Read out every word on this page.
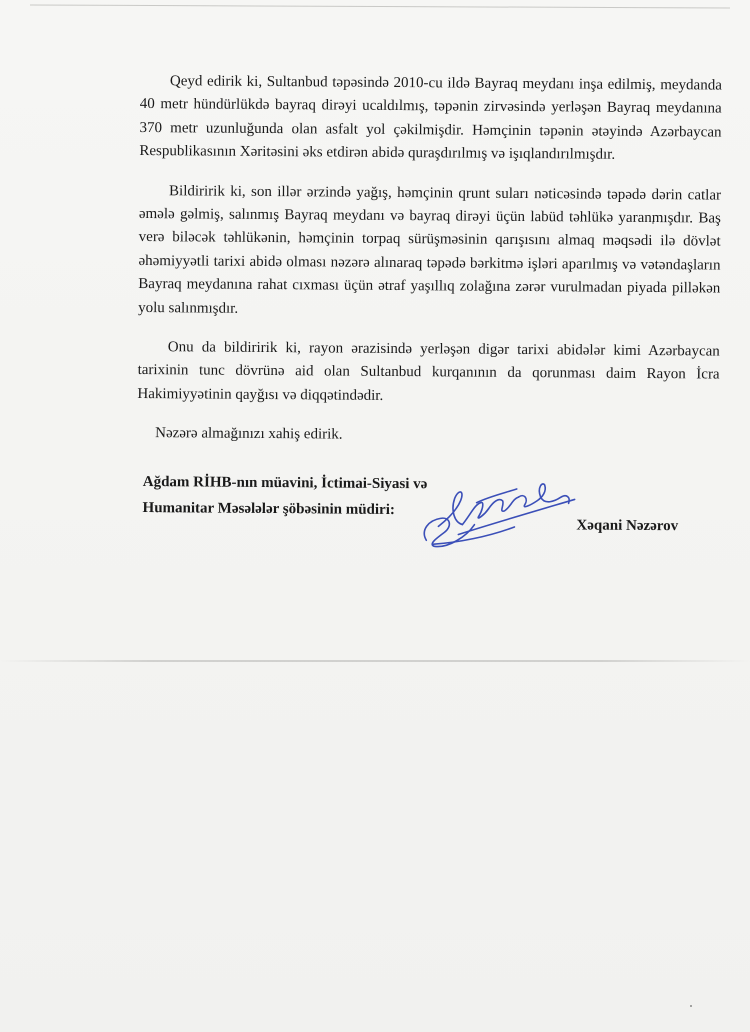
Qeyd edirik ki, Sultanbud təpəsində 2010-cu ildə Bayraq meydanı inşa edilmiş, meydanda 40 metr hündürlükdə bayraq dirəyi ucaldılmış, təpənin zirvəsində yerləşən Bayraq meydanına 370 metr uzunluğunda olan asfalt yol çəkilmişdir. Həmçinin təpənin ətəyində Azərbaycan Respublikasının Xəritəsini əks etdirən abidə quraşdırılmış və işıqlandırılmışdır.

Bildiririk ki, son illər ərzində yağış, həmçinin qrunt suları nəticəsində təpədə dərin catlar əmələ gəlmiş, salınmış Bayraq meydanı və bayraq dirəyi üçün labüd təhlükə yaranmışdır. Baş verə biləcək təhlükənin, həmçinin torpaq sürüşməsinin qarışısını almaq məqsədi ilə dövlət əhəmiyyətli tarixi abidə olması nəzərə alınaraq təpədə bərkitmə işləri aparılmış və vətəndaşların Bayraq meydanına rahat cıxması üçün ətraf yaşıllıq zolağına zərər vurulmadan piyada pilləkən yolu salınmışdır.

Onu da bildiririk ki, rayon ərazisində yerləşən digər tarixi abidələr kimi Azərbaycan tarixinin tunc dövrünə aid olan Sultanbud kurqanının da qorunması daim Rayon İcra Hakimiyyətinin qayğısı və diqqətindədir.

Nəzərə almağınızı xahiş edirik.

Ağdam RİHB-nın müavini, İctimai-Siyasi və
Humanitar Məsələlər şöbəsinin müdiri:
Xəqani Nəzərov
